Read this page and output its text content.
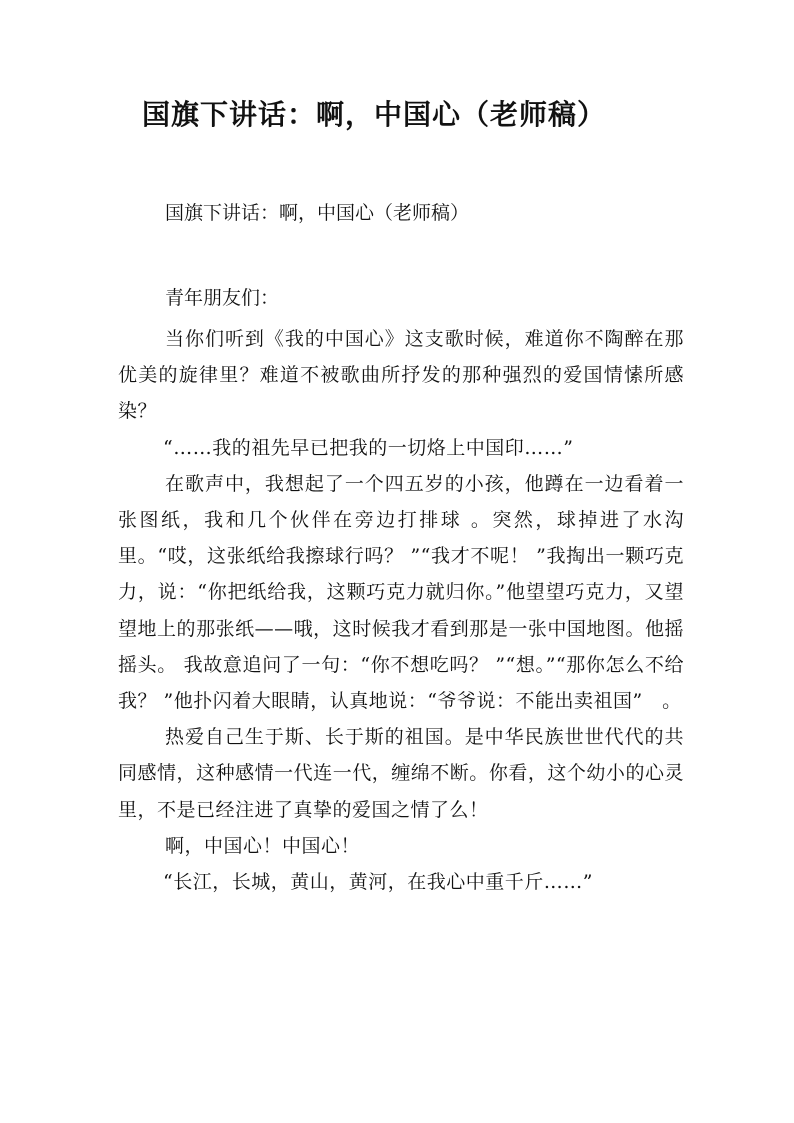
国旗下讲话：啊，中国心（老师稿）
国旗下讲话：啊，中国心（老师稿）
青年朋友们：

当你们听到《我的中国心》这支歌时候，难道你不陶醉在那优美的旋律里？难道不被歌曲所抒发的那种强烈的爱国情愫所感染？

“……我的祖先早已把我的一切烙上中国印……”

在歌声中，我想起了一个四五岁的小孩，他蹲在一边看着一张图纸，我和几个伙伴在旁边打排球 。突然，球掉进了水沟里。“哎，这张纸给我擦球行吗？ ”“我才不呢！ ”我掏出一颗巧克力，说：“你把纸给我，这颗巧克力就归你。”他望望巧克力，又望望地上的那张纸——哦，这时候我才看到那是一张中国地图。他摇摇头。 我故意追问了一句：“你不想吃吗？ ”“想。”“那你怎么不给我？ ”他扑闪着大眼睛，认真地说：“爷爷说：不能出卖祖国”　。

热爱自己生于斯、长于斯的祖国。是中华民族世世代代的共同感情，这种感情一代连一代，缠绵不断。你看，这个幼小的心灵里，不是已经注进了真挚的爱国之情了么！

啊，中国心！中国心！

“长江，长城，黄山，黄河，在我心中重千斤……”
